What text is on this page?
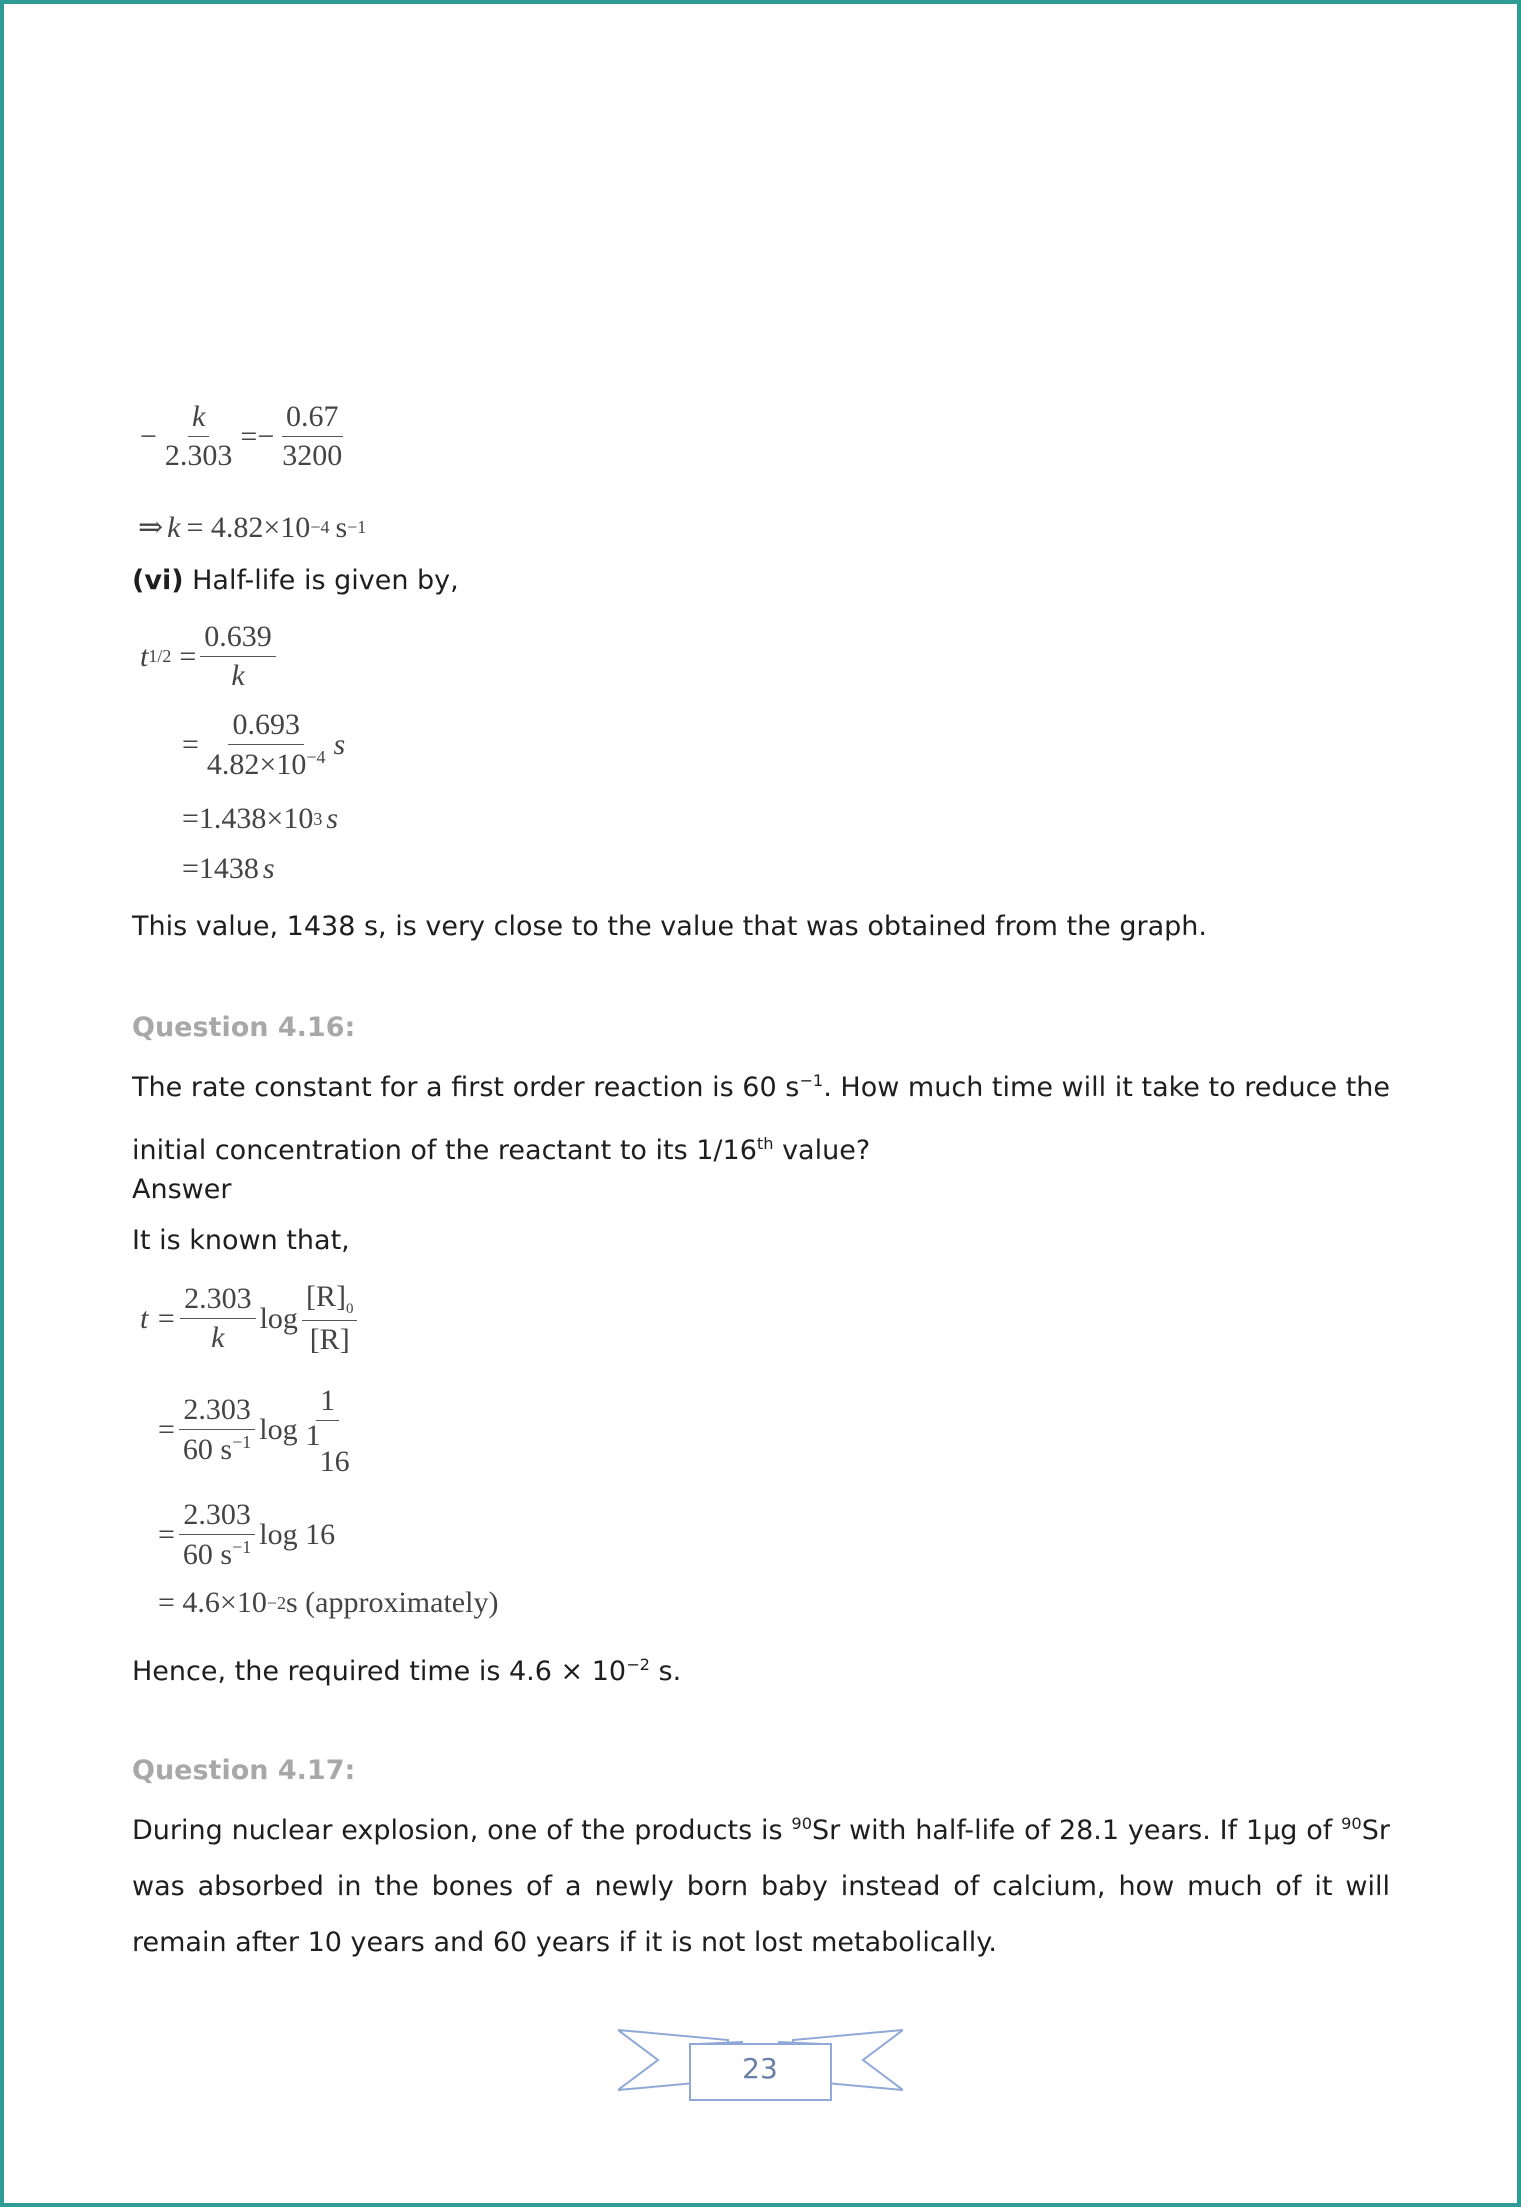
− $\frac{k}{2.303} =- \frac{0.67}{3200}$
⇒ k = 4.82×10 −4 s −1
(vi) Half-life is given by,
t $1/2 = \frac{0.639}{k}$
= $\frac{0.693}{4.82\times 10^{-4}}$ s
=1.438×10 3 s
=1438 s
This value, 1438 s, is very close to the value that was obtained from the graph.
Question 4.16:
The rate constant for a first order reaction is 60 $s^{-1}$. How much time will it take to reduce the initial concentration of the reactant to its 1/16th value?
Answer
It is known that,
$t = \frac{2.303}{k}$ $\log \frac{[R]_0}{[R]}$
= $\frac{2.303}{60 s^{-1}}$ log
1
1
16
= $\frac{2.303}{60 s^{-1}}$ log 16
= 4.6×10 −2 s (approximately)
Hence, the required time is $4.6 \times 10^{-2}$ s.
Question 4.17:
During nuclear explosion, one of the products is $^{90}$Sr with half-life of 28.1 years. If 1µg of $^{90}$Sr was absorbed in the bones of a newly born baby instead of calcium, how much of it will remain after 10 years and 60 years if it is not lost metabolically.
23
